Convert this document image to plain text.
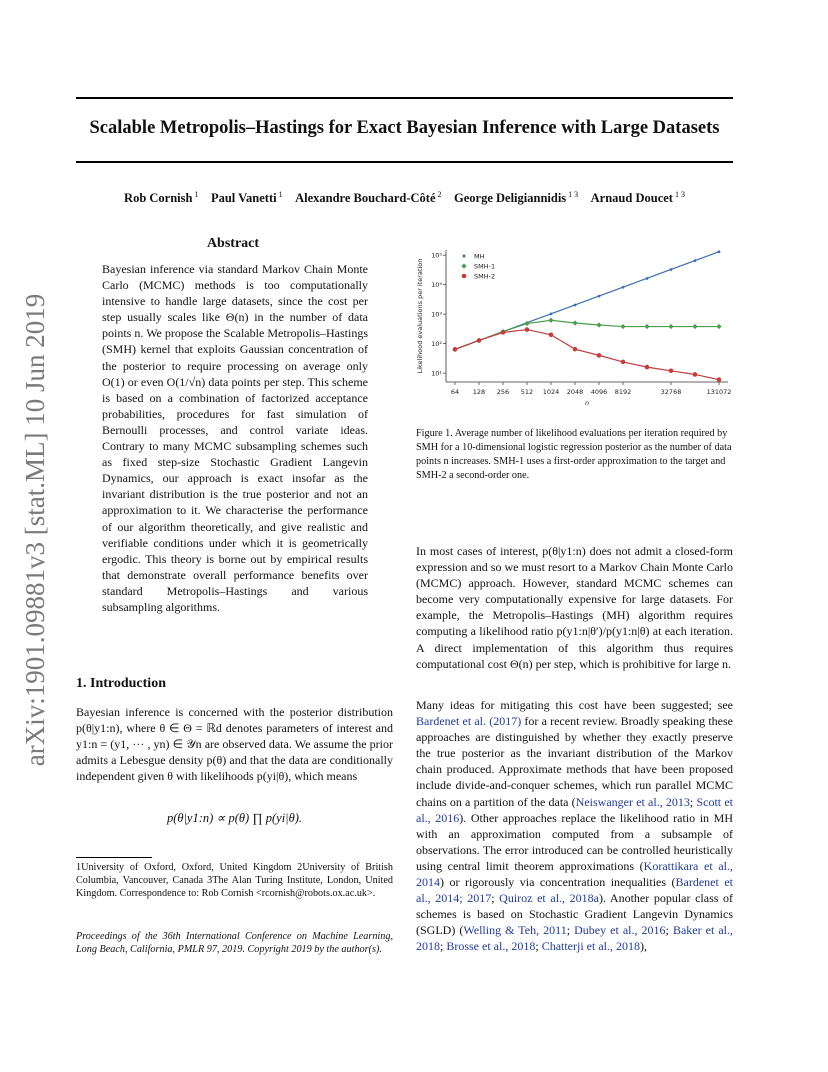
Scalable Metropolis–Hastings for Exact Bayesian Inference with Large Datasets
Rob Cornish $^1$  Paul Vanetti $^1$  Alexandre Bouchard-Côté $^2$  George Deligiannidis $^{1 3}$  Arnaud Doucet $^{1 3}$
arXiv:1901.09881v3 [stat.ML] 10 Jun 2019
Abstract
Bayesian inference via standard Markov Chain Monte Carlo (MCMC) methods is too computationally intensive to handle large datasets, since the cost per step usually scales like Θ(n) in the number of data points n. We propose the Scalable Metropolis–Hastings (SMH) kernel that exploits Gaussian concentration of the posterior to require processing on average only O(1) or even O(1/√n) data points per step. This scheme is based on a combination of factorized acceptance probabilities, procedures for fast simulation of Bernoulli processes, and control variate ideas. Contrary to many MCMC subsampling schemes such as fixed step-size Stochastic Gradient Langevin Dynamics, our approach is exact insofar as the invariant distribution is the true posterior and not an approximation to it. We characterise the performance of our algorithm theoretically, and give realistic and verifiable conditions under which it is geometrically ergodic. This theory is borne out by empirical results that demonstrate overall performance benefits over standard Metropolis–Hastings and various subsampling algorithms.
1. Introduction
Bayesian inference is concerned with the posterior distribution p(θ|y1:n), where θ ∈ Θ = ℝd denotes parameters of interest and y1:n = (y1, ··· , yn) ∈ 𝒴n are observed data. We assume the prior admits a Lebesgue density p(θ) and that the data are conditionally independent given θ with likelihoods p(yi|θ), which means
p(θ|y1:n) ∝ p(θ) ∏ p(yi|θ).
1University of Oxford, Oxford, United Kingdom 2University of British Columbia, Vancouver, Canada 3The Alan Turing Institute, London, United Kingdom. Correspondence to: Rob Cornish <rcornish@robots.ox.ac.uk>.
Proceedings of the 36th International Conference on Machine Learning, Long Beach, California, PMLR 97, 2019. Copyright 2019 by the author(s).
10¹
10²
10³
10⁴
10⁵
64 128 256 512 1024 2048 4096 8192	32768	131072
n
Likelihood evaluations per iteration
MH
SMH-1
SMH-2
Figure 1. Average number of likelihood evaluations per iteration required by SMH for a 10-dimensional logistic regression posterior as the number of data points n increases. SMH-1 uses a first-order approximation to the target and SMH-2 a second-order one.
In most cases of interest, p(θ|y1:n) does not admit a closed-form expression and so we must resort to a Markov Chain Monte Carlo (MCMC) approach. However, standard MCMC schemes can become very computationally expensive for large datasets. For example, the Metropolis–Hastings (MH) algorithm requires computing a likelihood ratio p(y1:n|θ′)/p(y1:n|θ) at each iteration. A direct implementation of this algorithm thus requires computational cost Θ(n) per step, which is prohibitive for large n.
Many ideas for mitigating this cost have been suggested; see Bardenet et al. (2017) for a recent review. Broadly speaking these approaches are distinguished by whether they exactly preserve the true posterior as the invariant distribution of the Markov chain produced. Approximate methods that have been proposed include divide-and-conquer schemes, which run parallel MCMC chains on a partition of the data (Neiswanger et al., 2013; Scott et al., 2016). Other approaches replace the likelihood ratio in MH with an approximation computed from a subsample of observations. The error introduced can be controlled heuristically using central limit theorem approximations (Korattikara et al., 2014) or rigorously via concentration inequalities (Bardenet et al., 2014; 2017; Quiroz et al., 2018a). Another popular class of schemes is based on Stochastic Gradient Langevin Dynamics (SGLD) (Welling & Teh, 2011; Dubey et al., 2016; Baker et al., 2018; Brosse et al., 2018; Chatterji et al., 2018),
